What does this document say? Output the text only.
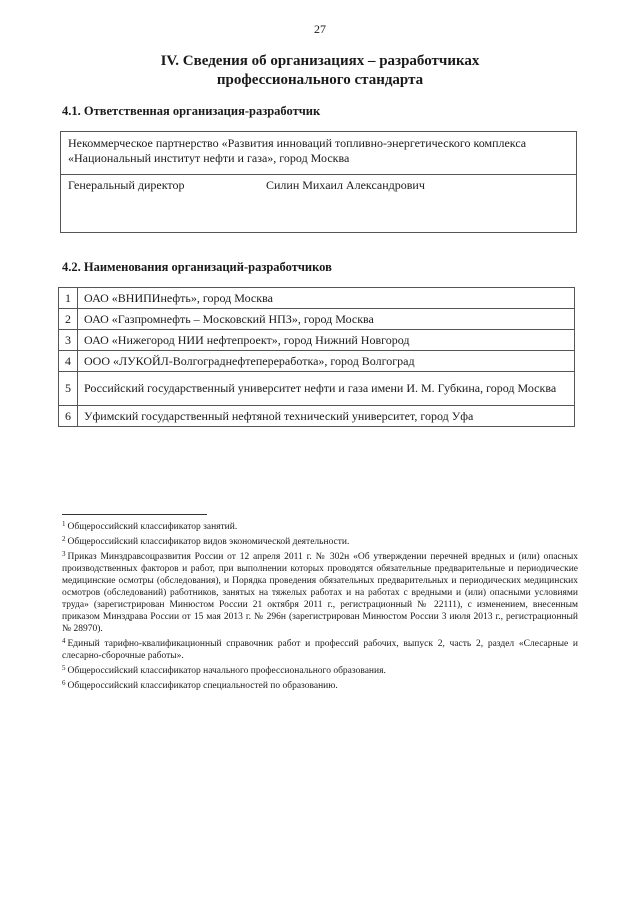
27
IV. Сведения об организациях – разработчиках
профессионального стандарта
4.1. Ответственная организация-разработчик
Некоммерческое партнерство «Развития инноваций топливно-энергетического комплекса «Национальный институт нефти и газа», город Москва
Генеральный директор	Силин Михаил Александрович
4.2. Наименования организаций-разработчиков
1	ОАО «ВНИПИнефть», город Москва
2	ОАО «Газпромнефть – Московский НПЗ», город Москва
3	ОАО «Нижегород НИИ нефтепроект», город Нижний Новгород
4	ООО «ЛУКОЙЛ-Волгограднефтепереработка», город Волгоград
5	Российский государственный университет нефти и газа имени И. М. Губкина, город Москва
6	Уфимский государственный нефтяной технический университет, город Уфа

$^1$ Общероссийский классификатор занятий.

$^2$ Общероссийский классификатор видов экономической деятельности.

$^3$ Приказ Минздравсоцразвития России от 12 апреля 2011 г. № 302н «Об утверждении перечней вредных и (или) опасных производственных факторов и работ, при выполнении которых проводятся обязательные предварительные и периодические медицинские осмотры (обследования), и Порядка проведения обязательных предварительных и периодических медицинских осмотров (обследований) работников, занятых на тяжелых работах и на работах с вредными и (или) опасными условиями труда» (зарегистрирован Минюстом России 21 октября 2011 г., регистрационный № 22111), с изменением, внесенным приказом Минздрава России от 15 мая 2013 г. № 296н (зарегистрирован Минюстом России 3 июля 2013 г., регистрационный № 28970).

$^4$ Единый тарифно-квалификационный справочник работ и профессий рабочих, выпуск 2, часть 2, раздел «Слесарные и слесарно-сборочные работы».

$^5$ Общероссийский классификатор начального профессионального образования.

$^6$ Общероссийский классификатор специальностей по образованию.
